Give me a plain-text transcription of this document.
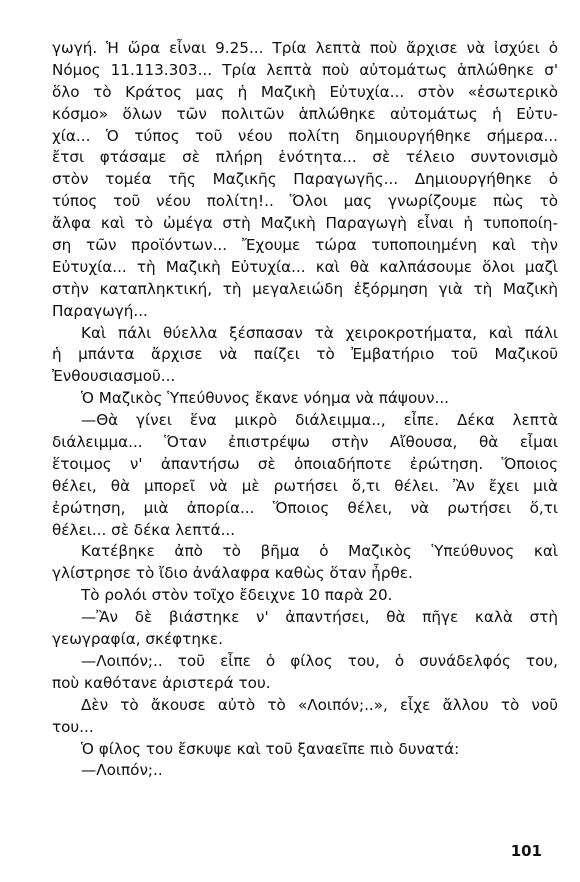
γωγή. Ἡ ὥρα εἶναι 9.25... Τρία λεπτὰ ποὺ ἄρχισε νὰ ἰσχύει ὁ
Νόμος 11.113.303... Τρία λεπτὰ ποὺ αὐτομάτως ἁπλώθηκε σ'
ὅλο τὸ Κράτος μας ἡ Μαζικὴ Εὐτυχία... στὸν «ἐσωτερικὸ
κόσμο» ὅλων τῶν πολιτῶν ἁπλώθηκε αὐτομάτως ἡ Εὐτυ-
χία... Ὁ τύπος τοῦ νέου πολίτη δημιουργήθηκε σήμερα...
ἔτσι φτάσαμε σὲ πλήρη ἑνότητα... σὲ τέλειο συντονισμὸ
στὸν τομέα τῆς Μαζικῆς Παραγωγῆς... Δημιουργήθηκε ὁ
τύπος τοῦ νέου πολίτη!.. Ὅλοι μας γνωρίζουμε πὼς τὸ
ἄλφα καὶ τὸ ὠμέγα στὴ Μαζικὴ Παραγωγὴ εἶναι ἡ τυποποίη-
ση τῶν προϊόντων... Ἔχουμε τώρα τυποποιημένη καὶ τὴν
Εὐτυχία... τὴ Μαζικὴ Εὐτυχία... καὶ θὰ καλπάσουμε ὅλοι μαζὶ
στὴν καταπληκτική, τὴ μεγαλειώδη ἐξόρμηση γιὰ τὴ Μαζικὴ
Παραγωγή...
Καὶ πάλι θύελλα ξέσπασαν τὰ χειροκροτήματα, καὶ πάλι
ἡ μπάντα ἄρχισε νὰ παίζει τὸ Ἐμβατήριο τοῦ Μαζικοῦ
Ἐνθουσιασμοῦ...
Ὁ Μαζικὸς Ὑπεύθυνος ἔκανε νόημα νὰ πάψουν...
—Θὰ γίνει ἕνα μικρὸ διάλειμμα.., εἶπε. Δέκα λεπτὰ
διάλειμμα... Ὅταν ἐπιστρέψω στὴν Αἴθουσα, θὰ εἶμαι
ἕτοιμος ν' ἀπαντήσω σὲ ὁποιαδήποτε ἐρώτηση. Ὅποιος
θέλει, θὰ μπορεῖ νὰ μὲ ρωτήσει ὅ,τι θέλει. Ἂν ἔχει μιὰ
ἐρώτηση, μιὰ ἀπορία... Ὅποιος θέλει, νὰ ρωτήσει ὅ,τι
θέλει... σὲ δέκα λεπτά...
Κατέβηκε ἀπὸ τὸ βῆμα ὁ Μαζικὸς Ὑπεύθυνος καὶ
γλίστρησε τὸ ἴδιο ἀνάλαφρα καθὼς ὅταν ἦρθε.
Τὸ ρολόι στὸν τοῖχο ἔδειχνε 10 παρὰ 20.
—Ἂν δὲ βιάστηκε ν' ἀπαντήσει, θὰ πῆγε καλὰ στὴ
γεωγραφία, σκέφτηκε.
—Λοιπόν;.. τοῦ εἶπε ὁ φίλος του, ὁ συνάδελφός του,
ποὺ καθότανε ἀριστερά του.
Δὲν τὸ ἄκουσε αὐτὸ τὸ «Λοιπόν;..», εἶχε ἄλλου τὸ νοῦ
του...
Ὁ φίλος του ἔσκυψε καὶ τοῦ ξαναεῖπε πιὸ δυνατά:
—Λοιπόν;..
101
